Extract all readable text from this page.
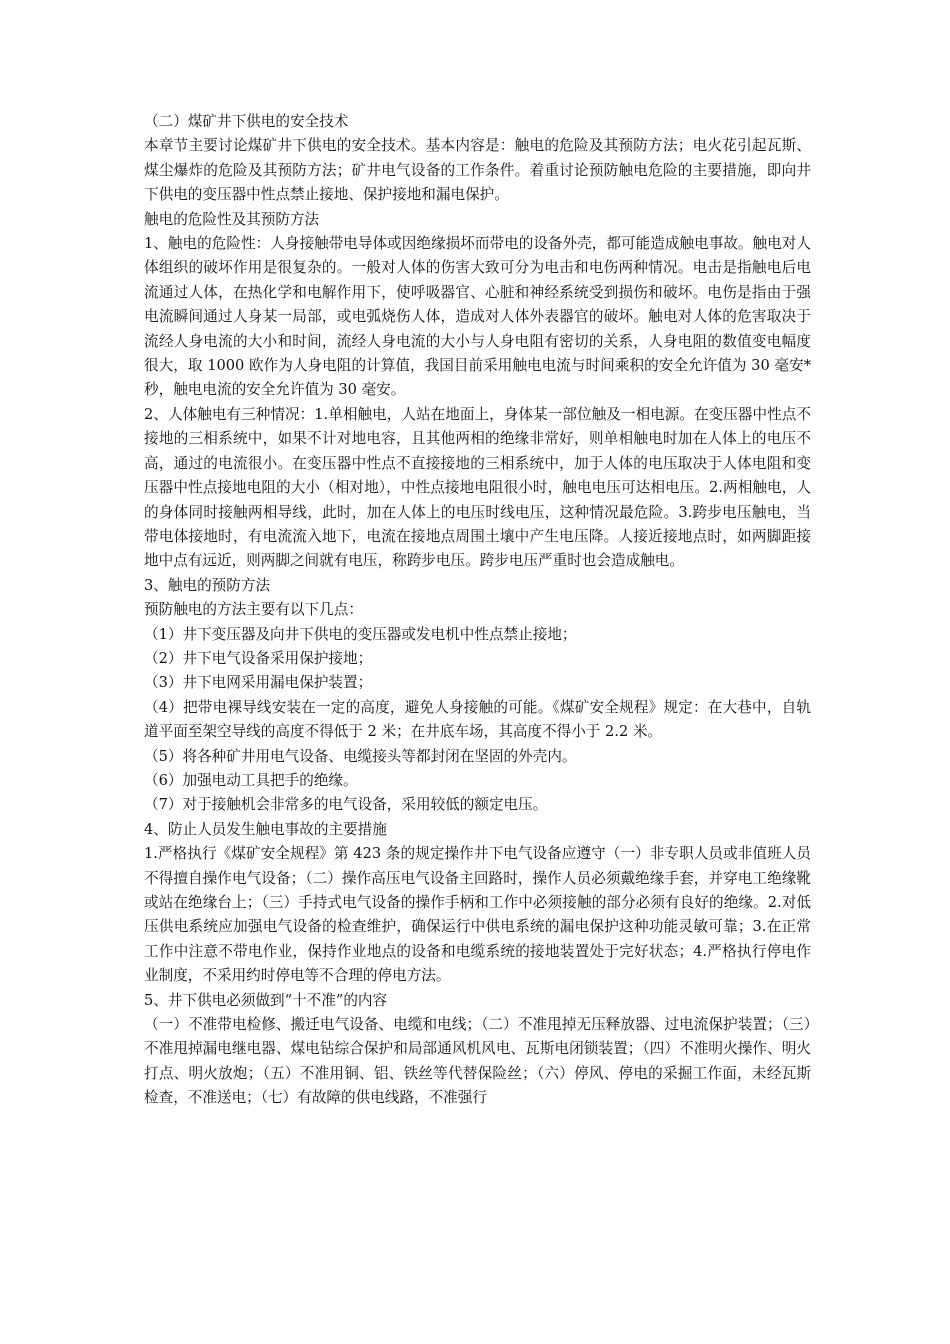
（二）煤矿井下供电的安全技术

本章节主要讨论煤矿井下供电的安全技术。基本内容是：触电的危险及其预防方法；电火花引起瓦斯、煤尘爆炸的危险及其预防方法；矿井电气设备的工作条件。着重讨论预防触电危险的主要措施，即向井下供电的变压器中性点禁止接地、保护接地和漏电保护。

触电的危险性及其预防方法

1、触电的危险性：人身接触带电导体或因绝缘损坏而带电的设备外壳，都可能造成触电事故。触电对人体组织的破坏作用是很复杂的。一般对人体的伤害大致可分为电击和电伤两种情况。电击是指触电后电流通过人体，在热化学和电解作用下，使呼吸器官、心脏和神经系统受到损伤和破坏。电伤是指由于强电流瞬间通过人身某一局部，或电弧烧伤人体，造成对人体外表器官的破坏。触电对人体的危害取决于流经人身电流的大小和时间，流经人身电流的大小与人身电阻有密切的关系，人身电阻的数值变电幅度很大，取 1000 欧作为人身电阻的计算值，我国目前采用触电电流与时间乘积的安全允许值为 30 毫安*秒，触电电流的安全允许值为 30 毫安。

2、人体触电有三种情况：1.单相触电，人站在地面上，身体某一部位触及一相电源。在变压器中性点不接地的三相系统中，如果不计对地电容，且其他两相的绝缘非常好，则单相触电时加在人体上的电压不高，通过的电流很小。在变压器中性点不直接接地的三相系统中，加于人体的电压取决于人体电阻和变压器中性点接地电阻的大小（相对地），中性点接地电阻很小时，触电电压可达相电压。2.两相触电，人的身体同时接触两相导线，此时，加在人体上的电压时线电压，这种情况最危险。3.跨步电压触电，当带电体接地时，有电流流入地下，电流在接地点周围土壤中产生电压降。人接近接地点时，如两脚距接地中点有远近，则两脚之间就有电压，称跨步电压。跨步电压严重时也会造成触电。

3、触电的预防方法

预防触电的方法主要有以下几点：

（1）井下变压器及向井下供电的变压器或发电机中性点禁止接地；

（2）井下电气设备采用保护接地；

（3）井下电网采用漏电保护装置；

（4）把带电裸导线安装在一定的高度，避免人身接触的可能。《煤矿安全规程》规定：在大巷中，自轨道平面至架空导线的高度不得低于 2 米；在井底车场，其高度不得小于 2.2 米。

（5）将各种矿井用电气设备、电缆接头等都封闭在坚固的外壳内。

（6）加强电动工具把手的绝缘。

（7）对于接触机会非常多的电气设备，采用较低的额定电压。

4、防止人员发生触电事故的主要措施

1.严格执行《煤矿安全规程》第 423 条的规定操作井下电气设备应遵守（一）非专职人员或非值班人员不得擅自操作电气设备；（二）操作高压电气设备主回路时，操作人员必须戴绝缘手套，并穿电工绝缘靴或站在绝缘台上；（三）手持式电气设备的操作手柄和工作中必须接触的部分必须有良好的绝缘。2.对低压供电系统应加强电气设备的检查维护，确保运行中供电系统的漏电保护这种功能灵敏可靠；3.在正常工作中注意不带电作业，保持作业地点的设备和电缆系统的接地装置处于完好状态；4.严格执行停电作业制度，不采用约时停电等不合理的停电方法。

5、井下供电必须做到“十不准”的内容

（一）不准带电检修、搬迁电气设备、电缆和电线；（二）不准甩掉无压释放器、过电流保护装置；（三）不准甩掉漏电继电器、煤电钻综合保护和局部通风机风电、瓦斯电闭锁装置；（四）不准明火操作、明火打点、明火放炮；（五）不准用铜、铝、铁丝等代替保险丝；（六）停风、停电的采掘工作面，未经瓦斯检查，不准送电；（七）有故障的供电线路，不准强行
